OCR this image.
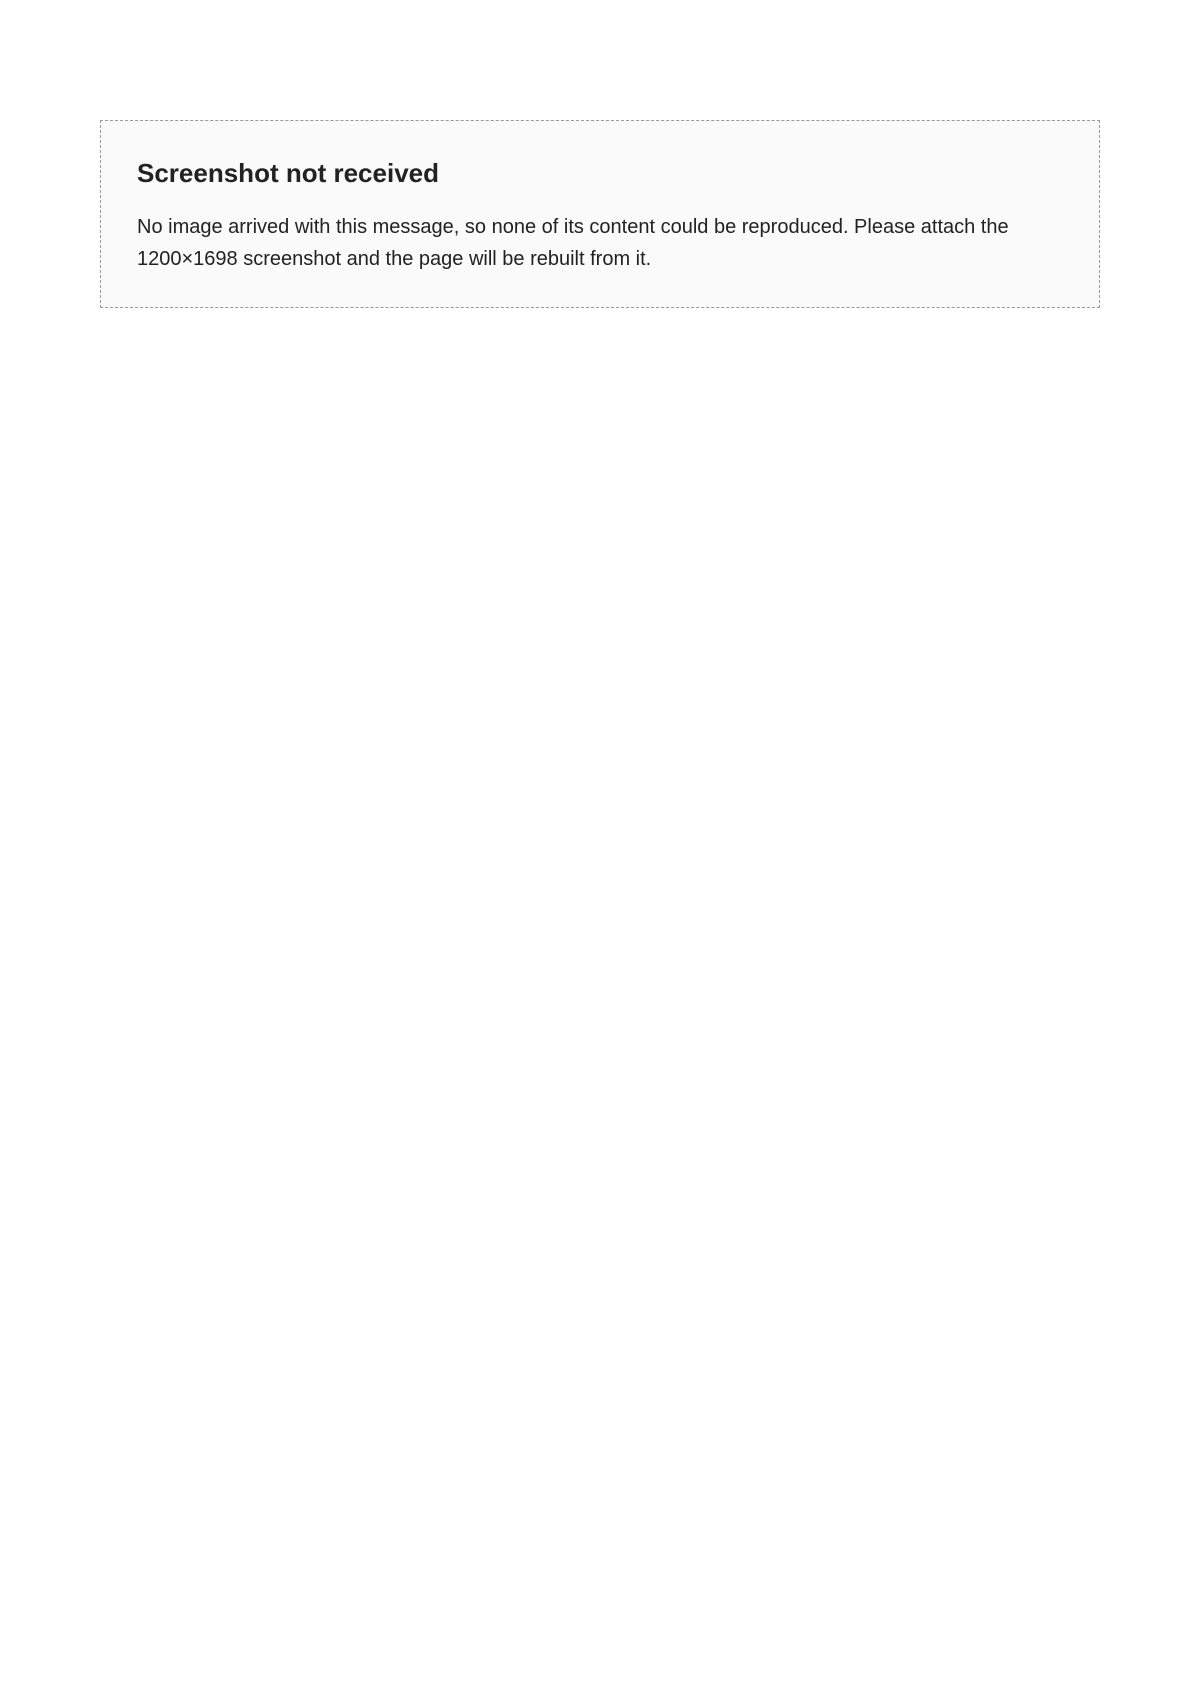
Screenshot not received

No image arrived with this message, so none of its content could be reproduced. Please attach the 1200×1698 screenshot and the page will be rebuilt from it.
